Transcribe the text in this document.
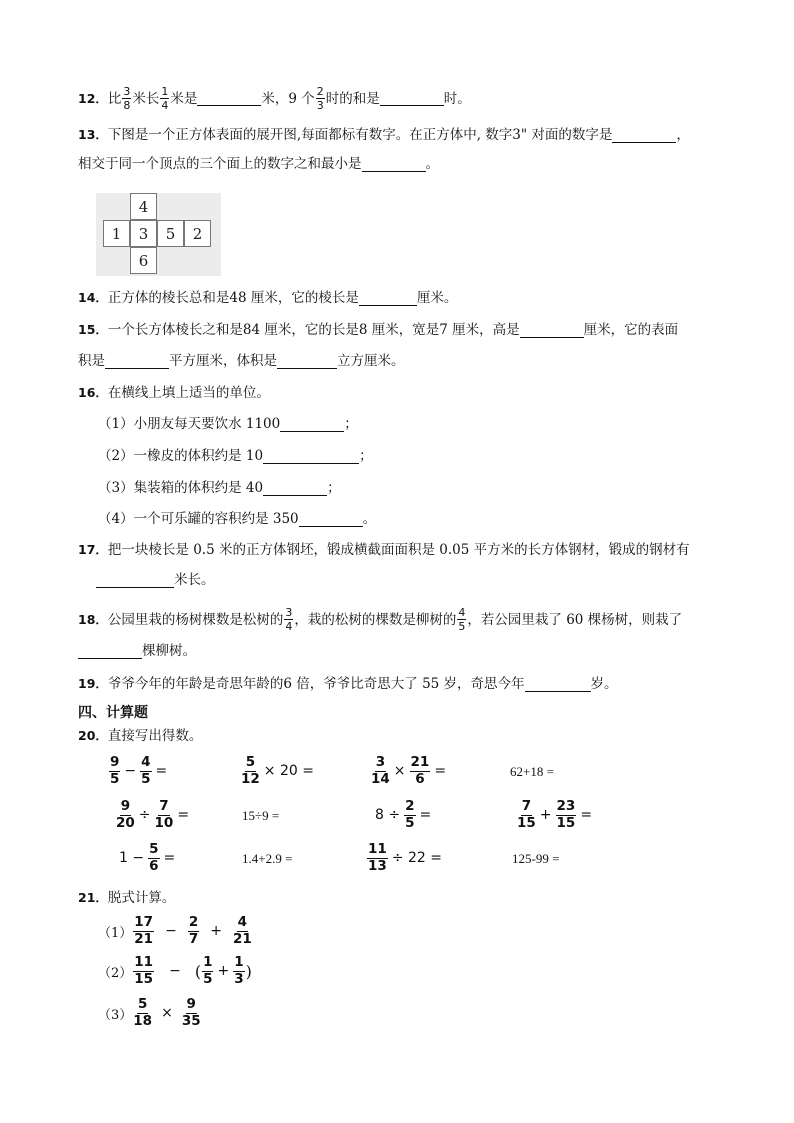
12． 比 $\frac{3}{8}$ 米长 $\frac{1}{4}$ 米是	米，9 个 $\frac{2}{3}$ 时的和是	时。
13． 下图是一个正方体表面的展开图,每面都标有数字。在正方体中, 数字3" 对面的数字是	，
相交于同一个顶点的三个面上的数字之和最小是	。
4
1	3	5	2
6
14． 正方体的棱长总和是48 厘米，它的棱长是	厘米。
15． 一个长方体棱长之和是84 厘米，它的长是8 厘米，宽是7 厘米，高是	厘米，它的表面
积是	平方厘米，体积是	立方厘米。
16． 在横线上填上适当的单位。
（1）小朋友每天要饮水 1100	；
（2）一橡皮的体积约是 10	；
（3）集装箱的体积约是 40	；
（4）一个可乐罐的容积约是 350	。
17． 把一块棱长是 0.5 米的正方体钢坯，锻成横截面面积是 0.05 平方米的长方体钢材，锻成的钢材有
米长。
18． 公园里栽的杨树棵数是松树的 $\frac{3}{4}$ ，栽的松树的棵数是柳树的 $\frac{4}{5}$ ，若公园里栽了 60 棵杨树，则栽了
棵柳树。
19． 爷爷今年的年龄是奇思年龄的6 倍，爷爷比奇思大了 55 岁，奇思今年	岁。
四、计算题
20． 直接写出得数。
$\frac{9}{5} - \frac{4}{5}$ =	$\frac{5}{12} \times 20$ =	$\frac{3}{14} \times \frac{21}{6}$ =	62+18 =
$\frac{9}{20} \div \frac{7}{10}$ =	15÷9 =	$8 \div \frac{2}{5}$ =	$\frac{7}{15} + \frac{23}{15}$ =
$1 - \frac{5}{6}$ =	1.4+2.9 =	$\frac{11}{13} \div 22$ =	125-99 =
21． 脱式计算。
$(1) \frac{17}{21} - \frac{2}{7} + \frac{4}{21}$
$(2) \frac{11}{15}$ − ( $\frac{1}{5} + \frac{1}{3}$ )
$(3) \frac{5}{18} \times \frac{9}{35}$
